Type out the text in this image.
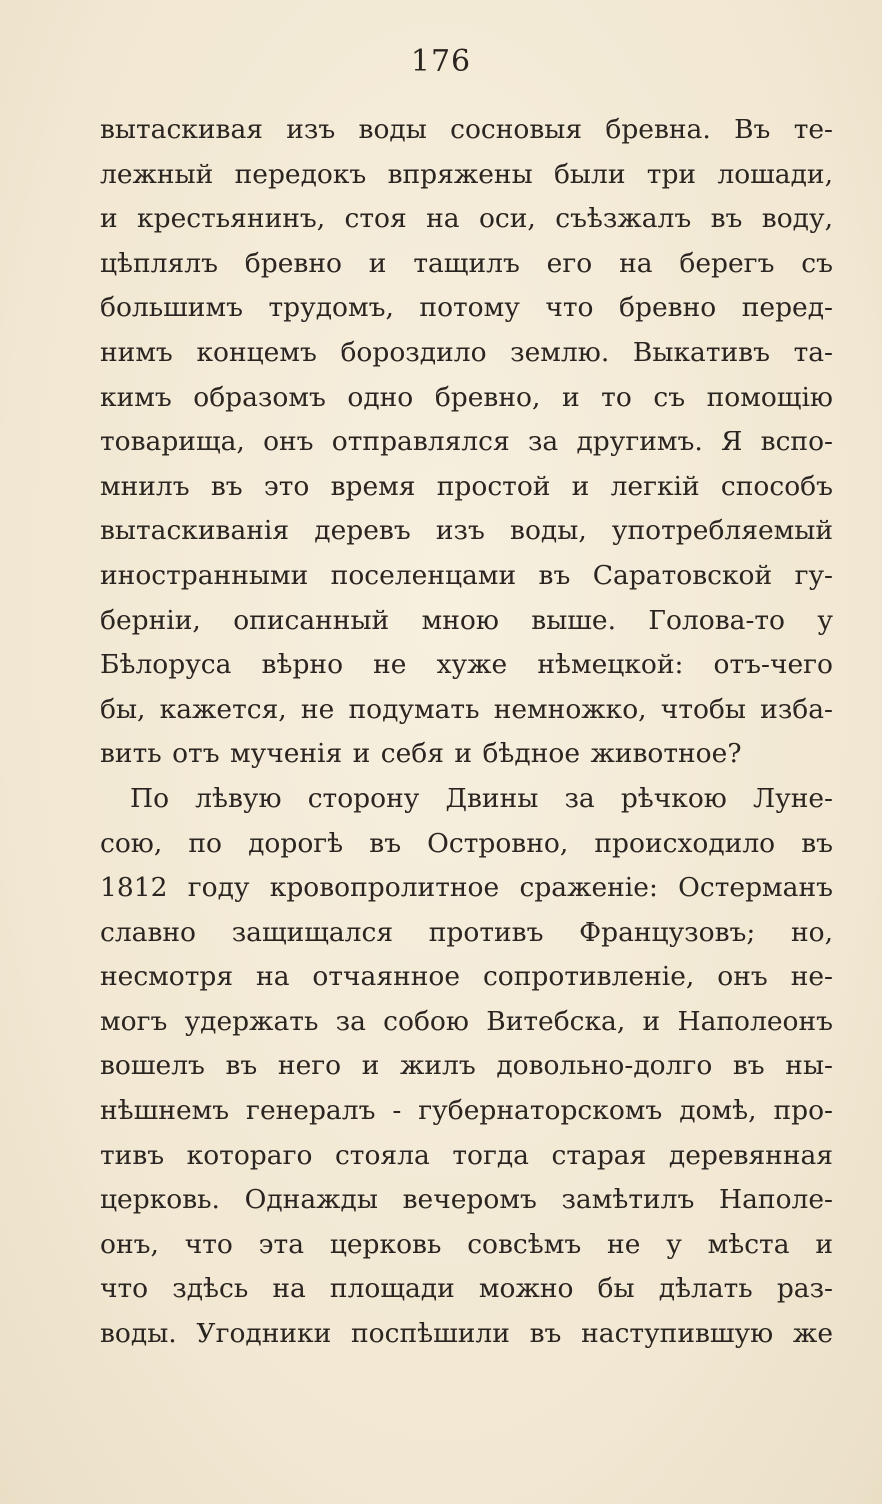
176
вытаскивая изъ воды сосновыя бревна. Въ те-
лежный передокъ впряжены были три лошади,
и крестьянинъ, стоя на оси, съѣзжалъ въ воду,
цѣплялъ бревно и тащилъ его на берегъ съ
большимъ трудомъ, потому что бревно перед-
нимъ концемъ бороздило землю. Выкативъ та-
кимъ образомъ одно бревно, и то съ помощію
товарища, онъ отправлялся за другимъ. Я вспо-
мнилъ въ это время простой и легкій способъ
вытаскиванія деревъ изъ воды, употребляемый
иностранными поселенцами въ Саратовской гу-
берніи, описанный мною выше. Голова-то у
Бѣлоруса вѣрно не хуже нѣмецкой: отъ-чего
бы, кажется, не подумать немножко, чтобы изба-
вить отъ мученія и себя и бѣдное животное?
По лѣвую сторону Двины за рѣчкою Луне-
сою, по дорогѣ въ Островно, происходило въ
1812 году кровопролитное сраженіе: Остерманъ
славно защищался противъ Французовъ; но,
несмотря на отчаянное сопротивленіе, онъ не-
могъ удержать за собою Витебска, и Наполеонъ
вошелъ въ него и жилъ довольно-долго въ ны-
нѣшнемъ генералъ - губернаторскомъ домѣ, про-
тивъ котораго стояла тогда старая деревянная
церковь. Однажды вечеромъ замѣтилъ Наполе-
онъ, что эта церковь совсѣмъ не у мѣста и
что здѣсь на площади можно бы дѣлать раз-
воды. Угодники поспѣшили въ наступившую же
